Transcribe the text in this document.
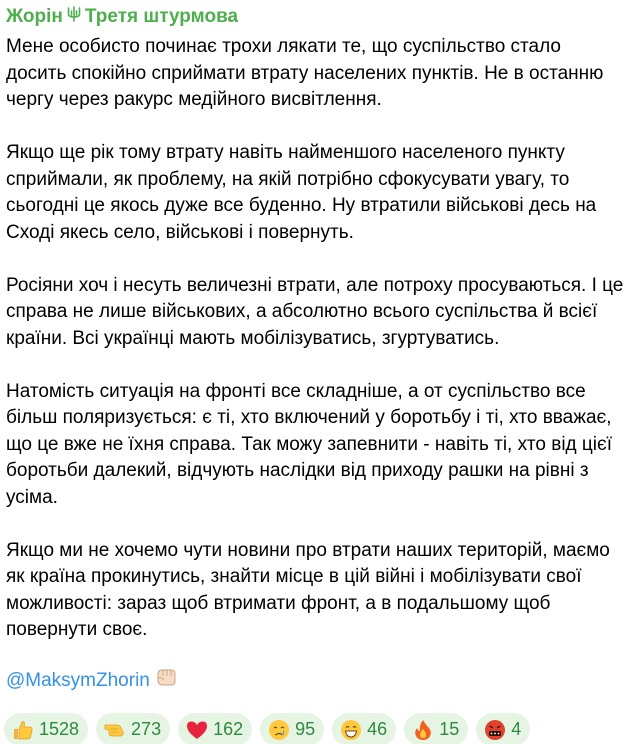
Жорін Третя штурмова

Мене особисто починає трохи лякати те, що суспільство стало досить спокійно сприймати втрату населених пунктів. Не в останню чергу через ракурс медійного висвітлення.

Якщо ще рік тому втрату навіть найменшого населеного пункту сприймали, як проблему, на якій потрібно сфокусувати увагу, то сьогодні це якось дуже все буденно. Ну втратили військові десь на Сході якесь село, військові і повернуть.

Росіяни хоч і несуть величезні втрати, але потроху просуваються. І це справа не лише військових, а абсолютно всього суспільства й всієї країни. Всі українці мають мобілізуватись, згуртуватись.

Натомість ситуація на фронті все складніше, а от суспільство все більш поляризується: є ті, хто включений у боротьбу і ті, хто вважає, що це вже не їхня справа. Так можу запевнити - навіть ті, хто від цієї боротьби далекий, відчують наслідки від приходу рашки на рівні з усіма.

Якщо ми не хочемо чути новини про втрати наших територій, маємо як країна прокинутись, знайти місце в цій війні і мобілізувати свої можливості: зараз щоб втримати фронт, а в подальшому щоб повернути своє.

@MaksymZhorin
1528	273	162	95	46	15	4
